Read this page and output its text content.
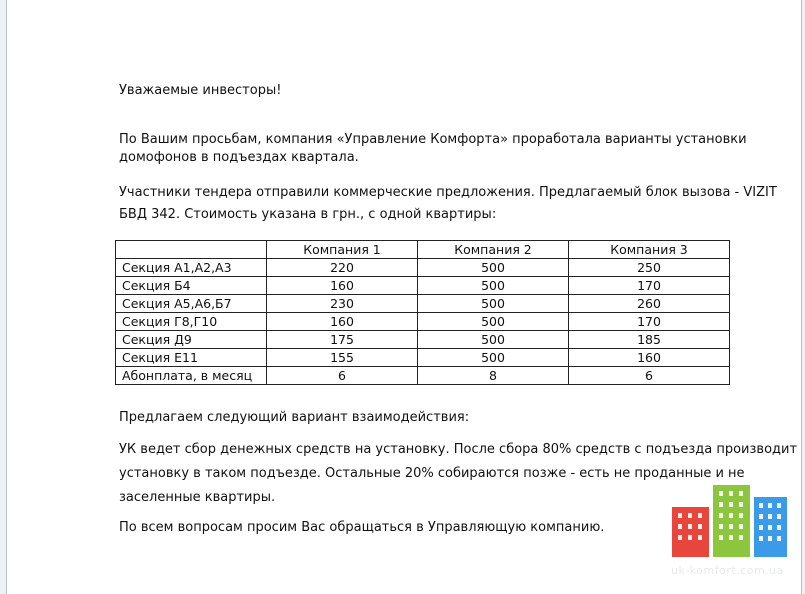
Уважаемые инвесторы!
По Вашим просьбам, компания «Управление Комфорта» проработала варианты установки
домофонов в подъездах квартала.
Участники тендера отправили коммерческие предложения. Предлагаемый блок вызова - VIZIT
БВД 342. Стоимость указана в грн., с одной квартиры:
	Компания 1	Компания 2	Компания 3
Секция А1,А2,А3	220	500	250
Секция Б4	160	500	170
Секция А5,А6,Б7	230	500	260
Секция Г8,Г10	160	500	170
Секция Д9	175	500	185
Секция Е11	155	500	160
Абонплата, в месяц	6	8	6
Предлагаем следующий вариант взаимодействия:
УК ведет сбор денежных средств на установку. После сбора 80% средств с подъезда производит
установку в таком подъезде. Остальные 20% собираются позже - есть не проданные и не
заселенные квартиры.
По всем вопросам просим Вас обращаться в Управляющую компанию.
uk-komfort.com.ua
